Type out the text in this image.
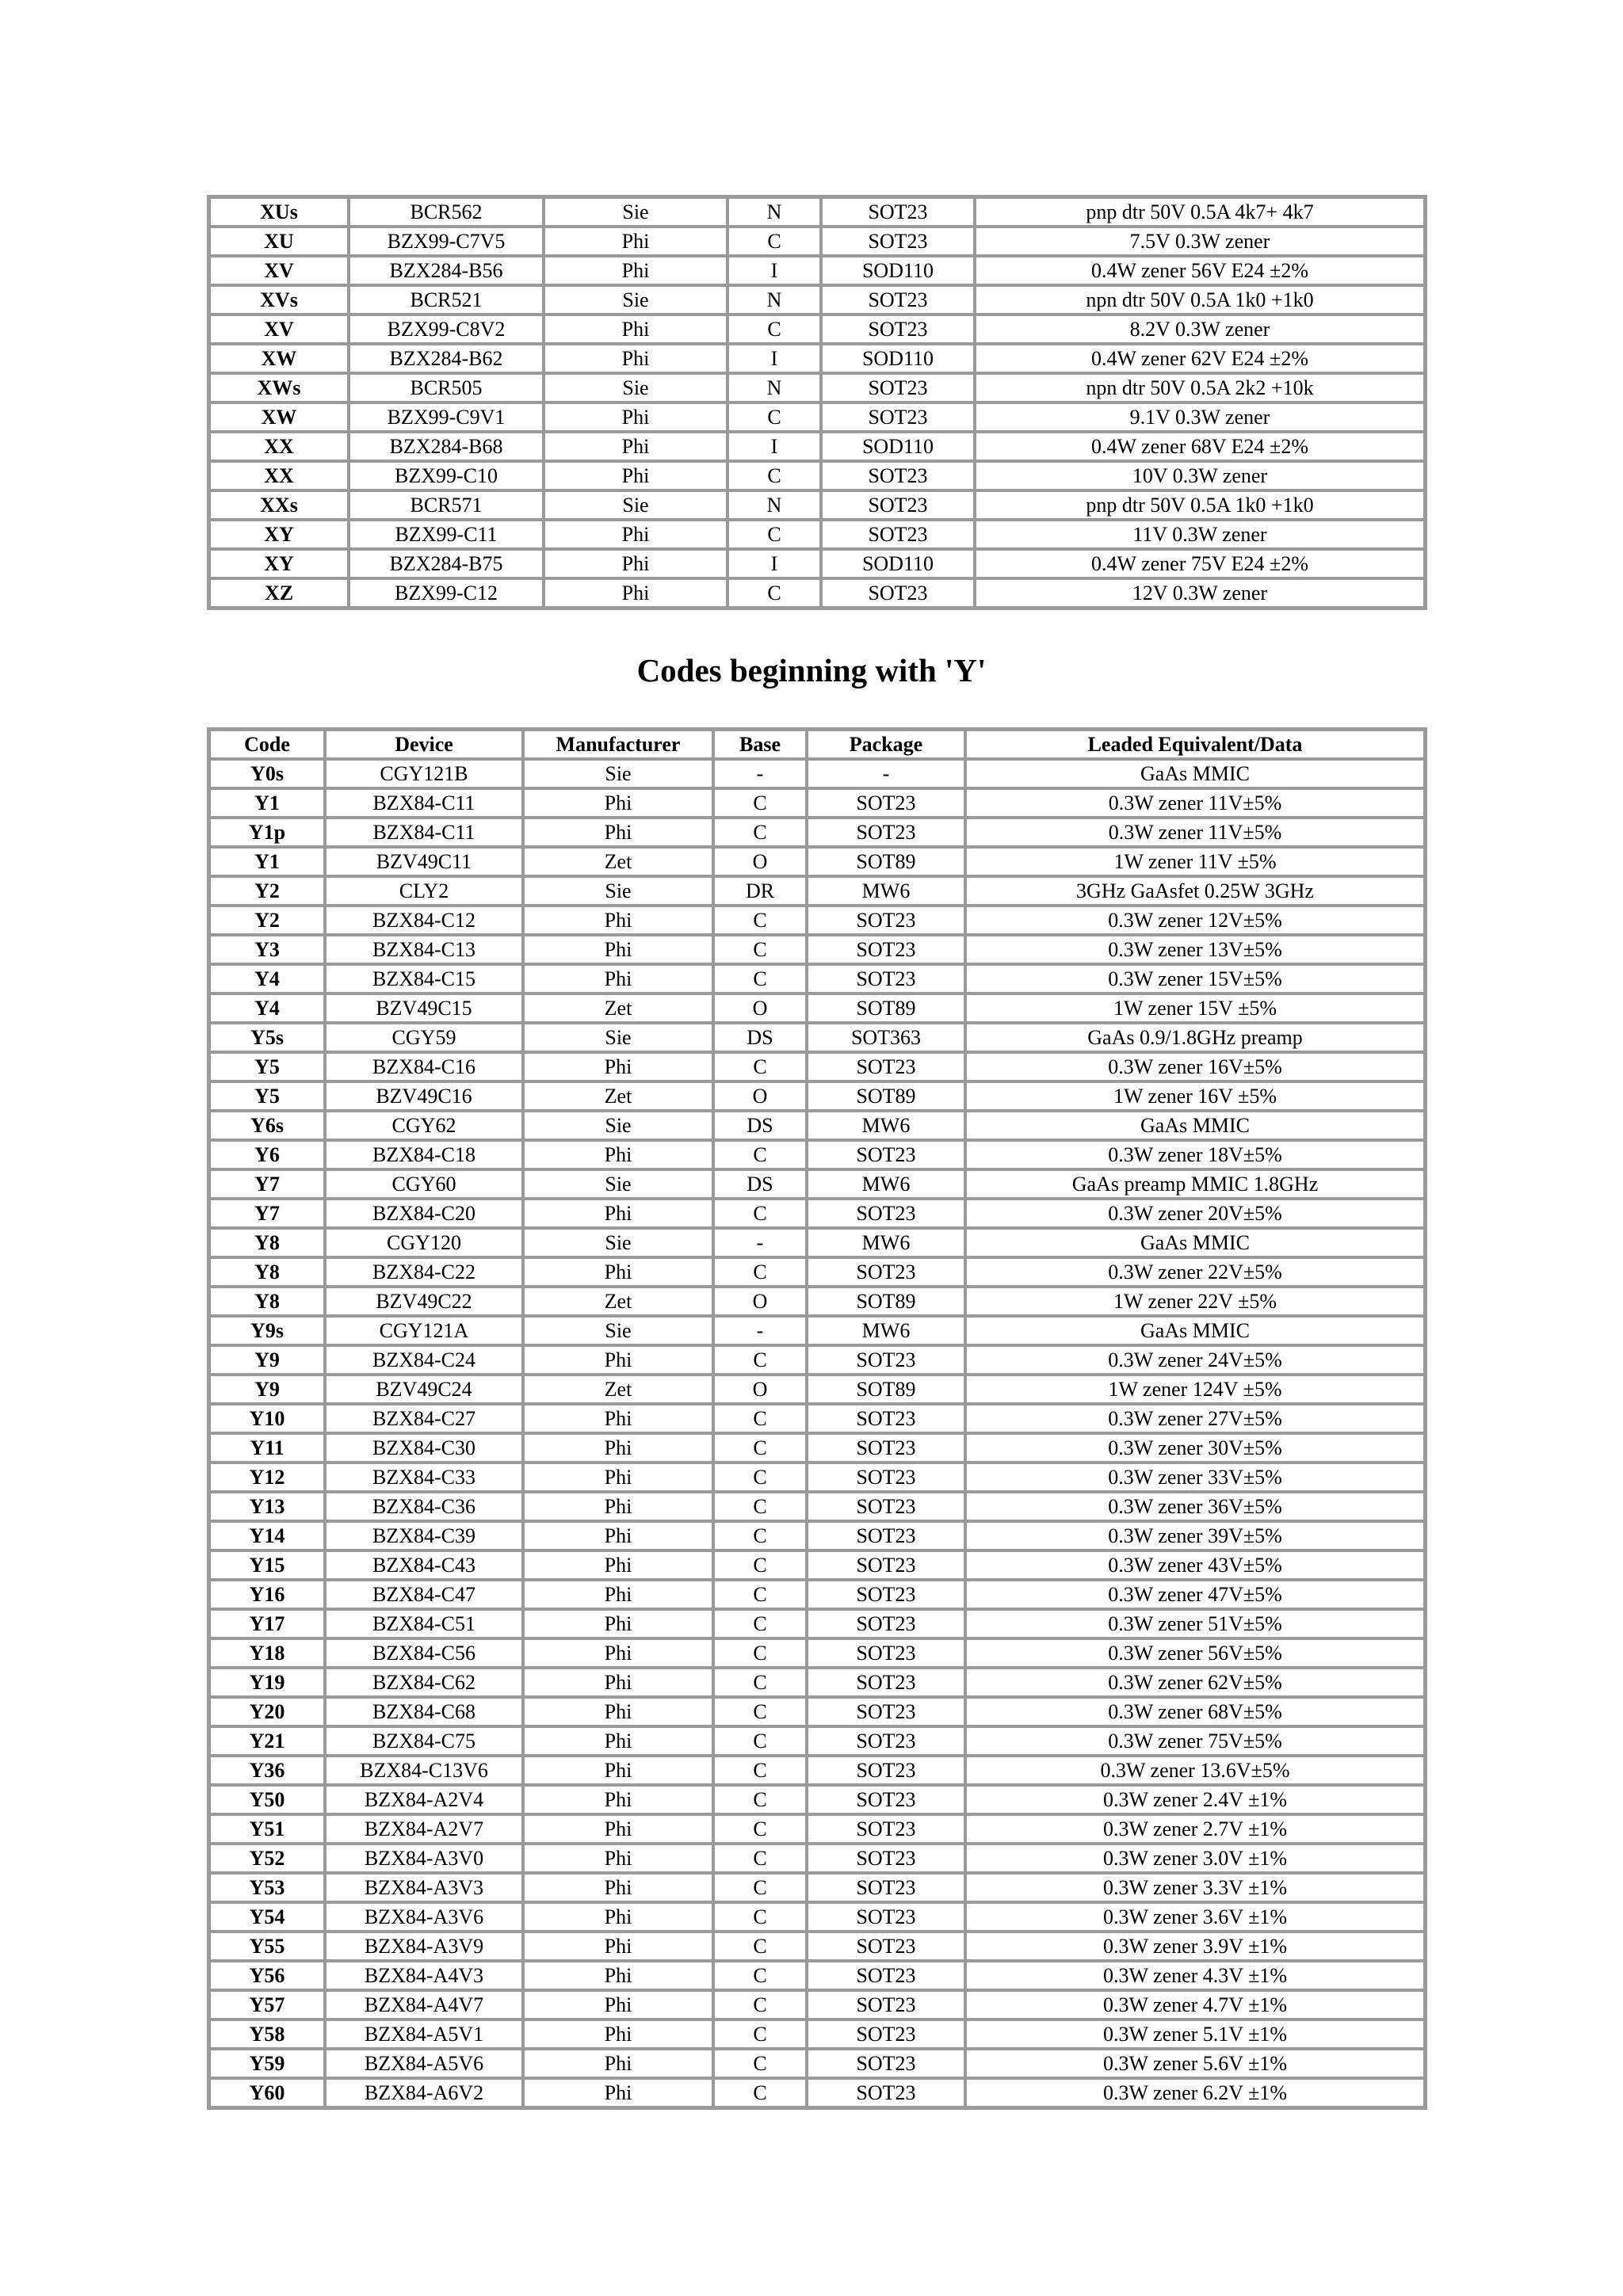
XUs	BCR562	Sie	N	SOT23	pnp dtr 50V 0.5A 4k7+ 4k7
XU	BZX99-C7V5	Phi	C	SOT23	7.5V 0.3W zener
XV	BZX284-B56	Phi	I	SOD110	0.4W zener 56V E24 ±2%
XVs	BCR521	Sie	N	SOT23	npn dtr 50V 0.5A 1k0 +1k0
XV	BZX99-C8V2	Phi	C	SOT23	8.2V 0.3W zener
XW	BZX284-B62	Phi	I	SOD110	0.4W zener 62V E24 ±2%
XWs	BCR505	Sie	N	SOT23	npn dtr 50V 0.5A 2k2 +10k
XW	BZX99-C9V1	Phi	C	SOT23	9.1V 0.3W zener
XX	BZX284-B68	Phi	I	SOD110	0.4W zener 68V E24 ±2%
XX	BZX99-C10	Phi	C	SOT23	10V 0.3W zener
XXs	BCR571	Sie	N	SOT23	pnp dtr 50V 0.5A 1k0 +1k0
XY	BZX99-C11	Phi	C	SOT23	11V 0.3W zener
XY	BZX284-B75	Phi	I	SOD110	0.4W zener 75V E24 ±2%
XZ	BZX99-C12	Phi	C	SOT23	12V 0.3W zener
Codes beginning with 'Y'
Code	Device	Manufacturer	Base	Package	Leaded Equivalent/Data
Y0s	CGY121B	Sie	-	-	GaAs MMIC
Y1	BZX84-C11	Phi	C	SOT23	0.3W zener 11V±5%
Y1p	BZX84-C11	Phi	C	SOT23	0.3W zener 11V±5%
Y1	BZV49C11	Zet	O	SOT89	1W zener 11V ±5%
Y2	CLY2	Sie	DR	MW6	3GHz GaAsfet 0.25W 3GHz
Y2	BZX84-C12	Phi	C	SOT23	0.3W zener 12V±5%
Y3	BZX84-C13	Phi	C	SOT23	0.3W zener 13V±5%
Y4	BZX84-C15	Phi	C	SOT23	0.3W zener 15V±5%
Y4	BZV49C15	Zet	O	SOT89	1W zener 15V ±5%
Y5s	CGY59	Sie	DS	SOT363	GaAs 0.9/1.8GHz preamp
Y5	BZX84-C16	Phi	C	SOT23	0.3W zener 16V±5%
Y5	BZV49C16	Zet	O	SOT89	1W zener 16V ±5%
Y6s	CGY62	Sie	DS	MW6	GaAs MMIC
Y6	BZX84-C18	Phi	C	SOT23	0.3W zener 18V±5%
Y7	CGY60	Sie	DS	MW6	GaAs preamp MMIC 1.8GHz
Y7	BZX84-C20	Phi	C	SOT23	0.3W zener 20V±5%
Y8	CGY120	Sie	-	MW6	GaAs MMIC
Y8	BZX84-C22	Phi	C	SOT23	0.3W zener 22V±5%
Y8	BZV49C22	Zet	O	SOT89	1W zener 22V ±5%
Y9s	CGY121A	Sie	-	MW6	GaAs MMIC
Y9	BZX84-C24	Phi	C	SOT23	0.3W zener 24V±5%
Y9	BZV49C24	Zet	O	SOT89	1W zener 124V ±5%
Y10	BZX84-C27	Phi	C	SOT23	0.3W zener 27V±5%
Y11	BZX84-C30	Phi	C	SOT23	0.3W zener 30V±5%
Y12	BZX84-C33	Phi	C	SOT23	0.3W zener 33V±5%
Y13	BZX84-C36	Phi	C	SOT23	0.3W zener 36V±5%
Y14	BZX84-C39	Phi	C	SOT23	0.3W zener 39V±5%
Y15	BZX84-C43	Phi	C	SOT23	0.3W zener 43V±5%
Y16	BZX84-C47	Phi	C	SOT23	0.3W zener 47V±5%
Y17	BZX84-C51	Phi	C	SOT23	0.3W zener 51V±5%
Y18	BZX84-C56	Phi	C	SOT23	0.3W zener 56V±5%
Y19	BZX84-C62	Phi	C	SOT23	0.3W zener 62V±5%
Y20	BZX84-C68	Phi	C	SOT23	0.3W zener 68V±5%
Y21	BZX84-C75	Phi	C	SOT23	0.3W zener 75V±5%
Y36	BZX84-C13V6	Phi	C	SOT23	0.3W zener 13.6V±5%
Y50	BZX84-A2V4	Phi	C	SOT23	0.3W zener 2.4V ±1%
Y51	BZX84-A2V7	Phi	C	SOT23	0.3W zener 2.7V ±1%
Y52	BZX84-A3V0	Phi	C	SOT23	0.3W zener 3.0V ±1%
Y53	BZX84-A3V3	Phi	C	SOT23	0.3W zener 3.3V ±1%
Y54	BZX84-A3V6	Phi	C	SOT23	0.3W zener 3.6V ±1%
Y55	BZX84-A3V9	Phi	C	SOT23	0.3W zener 3.9V ±1%
Y56	BZX84-A4V3	Phi	C	SOT23	0.3W zener 4.3V ±1%
Y57	BZX84-A4V7	Phi	C	SOT23	0.3W zener 4.7V ±1%
Y58	BZX84-A5V1	Phi	C	SOT23	0.3W zener 5.1V ±1%
Y59	BZX84-A5V6	Phi	C	SOT23	0.3W zener 5.6V ±1%
Y60	BZX84-A6V2	Phi	C	SOT23	0.3W zener 6.2V ±1%
